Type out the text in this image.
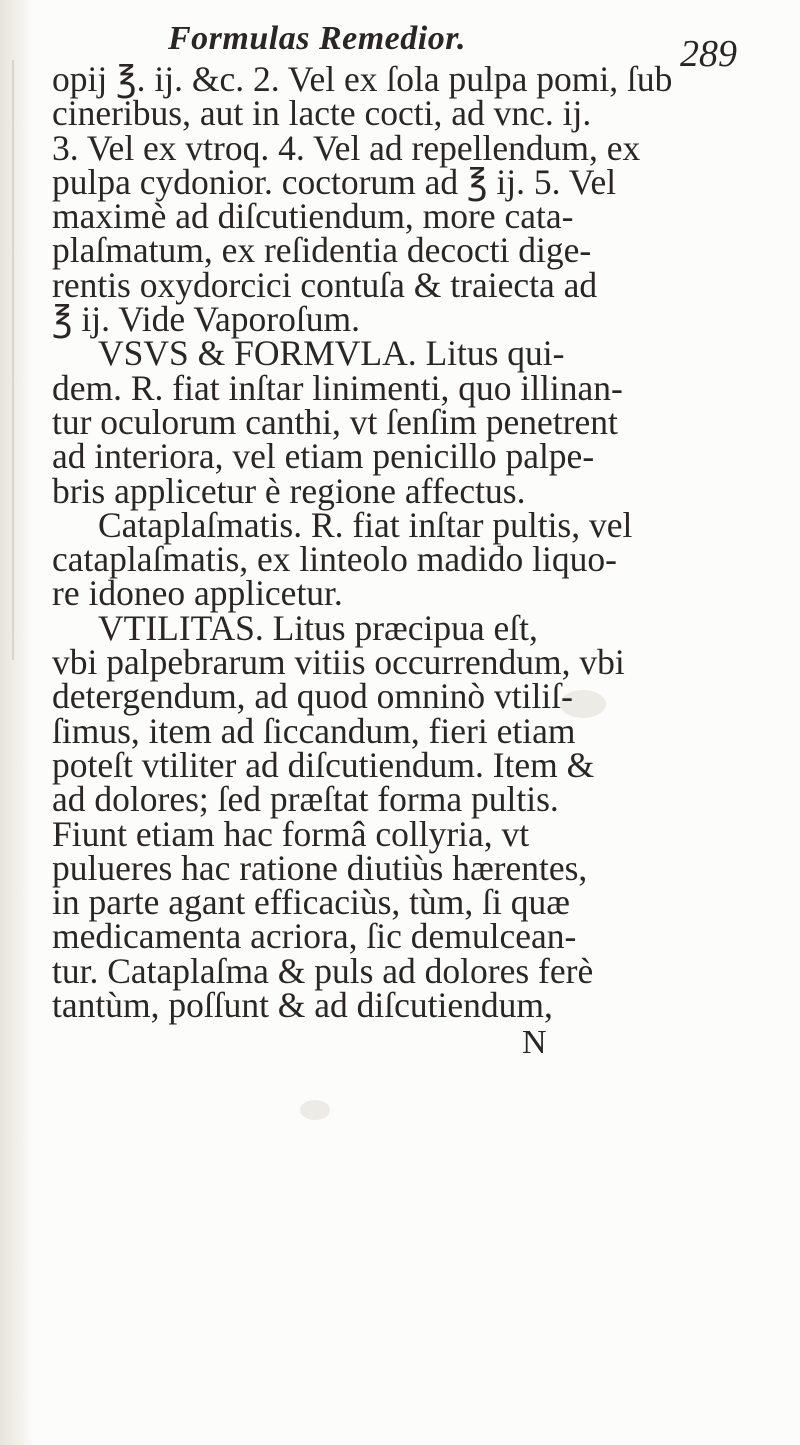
Formulas Remedior.	289
opij ℥. ij. &c. 2. Vel ex ſola pulpa pomi, ſub
cineribus, aut in lacte cocti, ad vnc. ij.
3. Vel ex vtroq. 4. Vel ad repellendum, ex
pulpa cydonior. coctorum ad ℥ ij. 5. Vel
maximè ad diſcutiendum, more cata-
plaſmatum, ex reſidentia decocti dige-
rentis oxydorcici contuſa & traiecta ad
℥ ij. Vide Vaporoſum.
VSVS & FORMVLA. Litus qui-
dem. R. fiat inſtar linimenti, quo illinan-
tur oculorum canthi, vt ſenſim penetrent
ad interiora, vel etiam penicillo palpe-
bris applicetur è regione affectus.
Cataplaſmatis. R. fiat inſtar pultis, vel
cataplaſmatis, ex linteolo madido liquo-
re idoneo applicetur.
VTILITAS. Litus præcipua eſt,
vbi palpebrarum vitiis occurrendum, vbi
detergendum, ad quod omninò vtiliſ-
ſimus, item ad ſiccandum, fieri etiam
poteſt vtiliter ad diſcutiendum. Item &
ad dolores; ſed præſtat forma pultis.
Fiunt etiam hac formâ collyria, vt
pulueres hac ratione diutiùs hærentes,
in parte agant efficaciùs, tùm, ſi quæ
medicamenta acriora, ſic demulcean-
tur. Cataplaſma & puls ad dolores ferè
tantùm, poſſunt & ad diſcutiendum,
N
